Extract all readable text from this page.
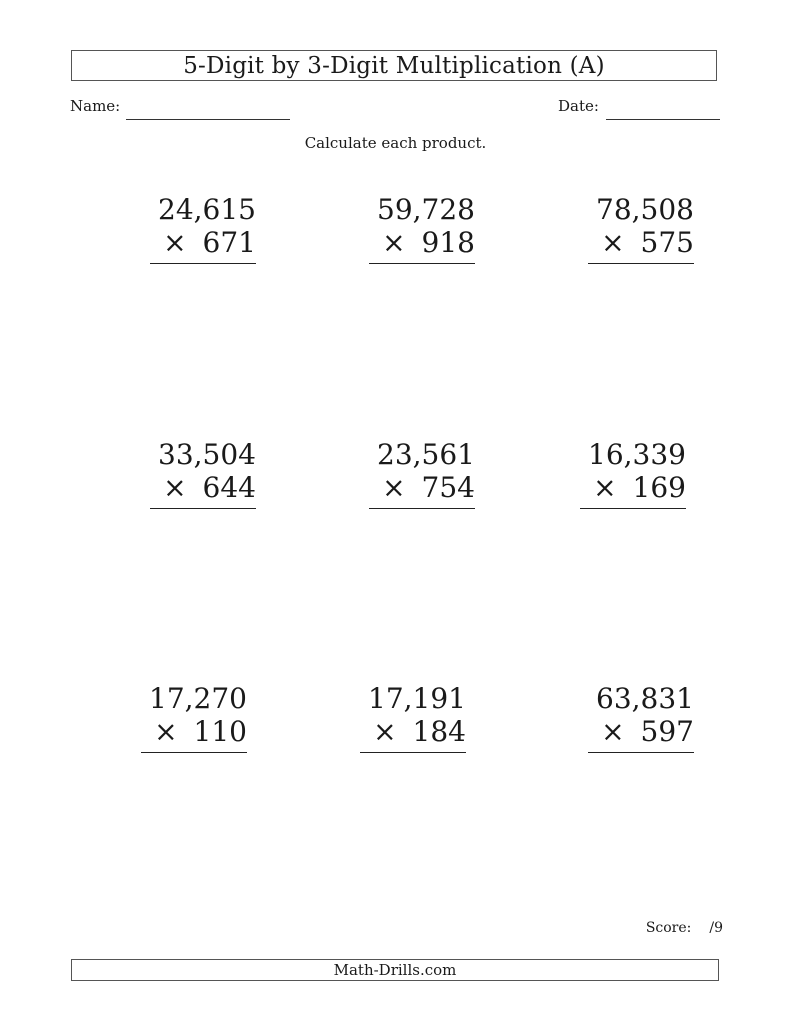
5-Digit by 3-Digit Multiplication (A)
Name:	Date:
Calculate each product.
24,615
× 671
59,728
× 918
78,508
× 575
33,504
× 644
23,561
× 754
16,339
× 169
17,270
× 110
17,191
× 184
63,831
× 597
Score: /9
Math-Drills.com
